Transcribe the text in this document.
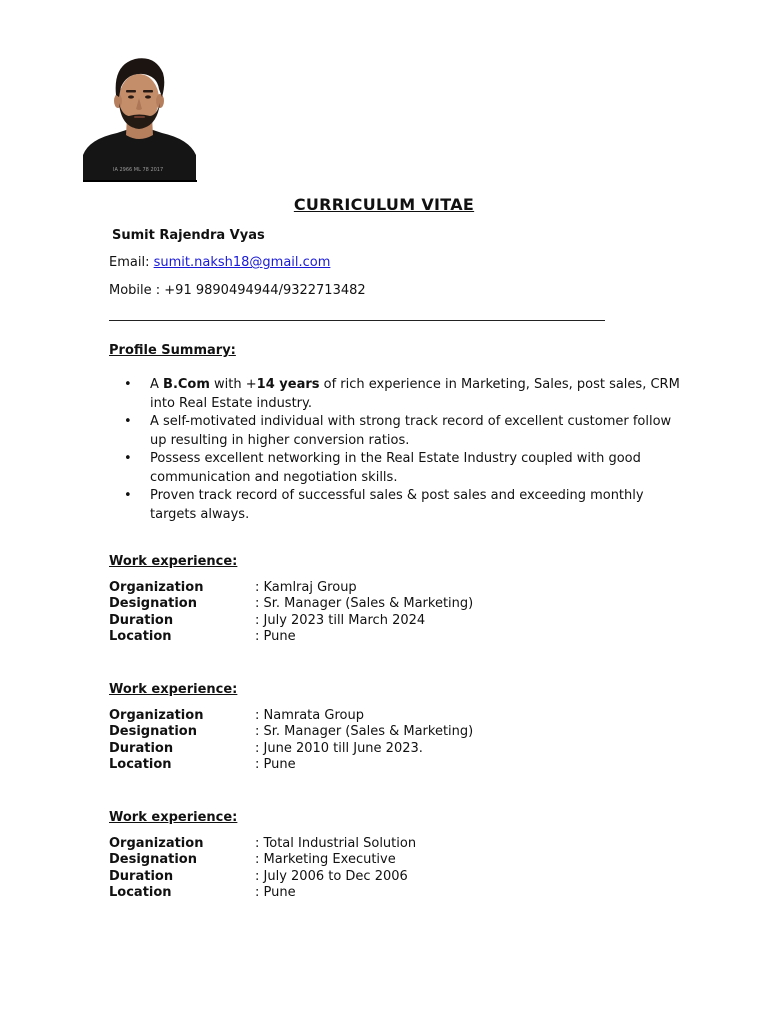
IA 2966 ML 78 2017
CURRICULUM VITAE
Sumit Rajendra Vyas
Email: sumit.naksh18@gmail.com
Mobile : +91 9890494944/9322713482
Profile Summary:
• A B.Com with +14 years of rich experience in Marketing, Sales, post sales, CRM
into Real Estate industry.
• A self-motivated individual with strong track record of excellent customer follow
up resulting in higher conversion ratios.
• Possess excellent networking in the Real Estate Industry coupled with good
communication and negotiation skills.
• Proven track record of successful sales & post sales and exceeding monthly
targets always.
Work experience:
Organization	: Kamlraj Group
Designation	: Sr. Manager (Sales & Marketing)
Duration	: July 2023 till March 2024
Location	: Pune
Work experience:
Organization	: Namrata Group
Designation	: Sr. Manager (Sales & Marketing)
Duration	: June 2010 till June 2023.
Location	: Pune
Work experience:
Organization	: Total Industrial Solution
Designation	: Marketing Executive
Duration	: July 2006 to Dec 2006
Location	: Pune
